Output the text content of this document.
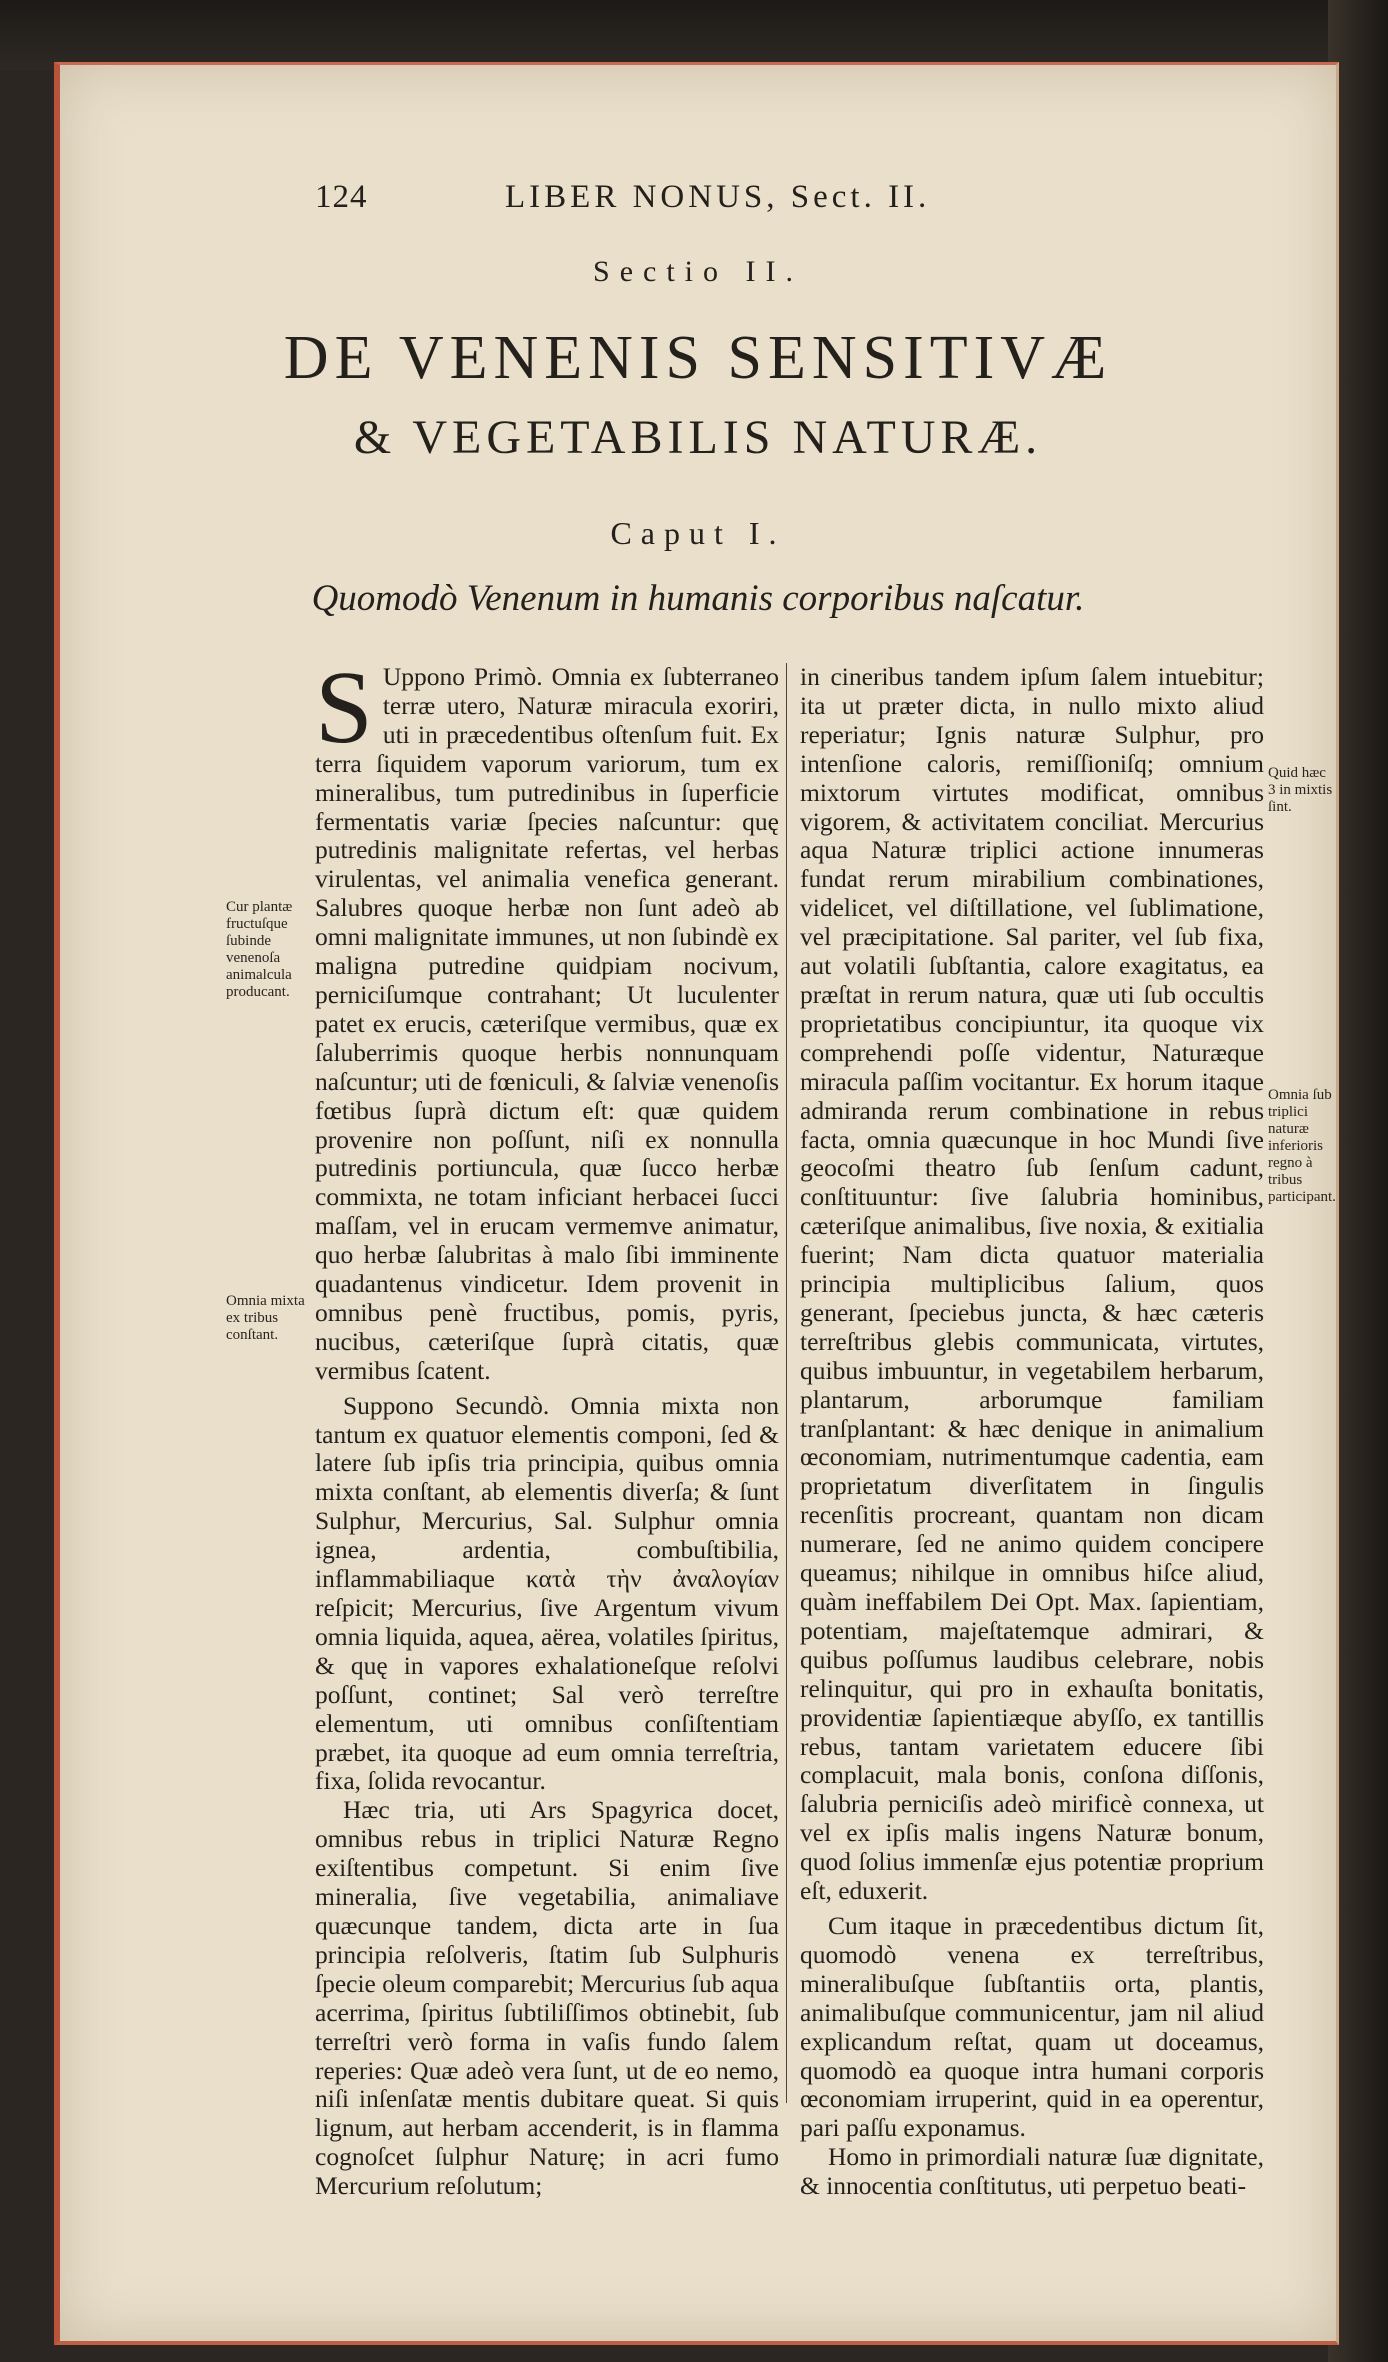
124	LIBER NONUS, Sect. II.
Sectio II.
DE VENENIS SENSITIVÆ
& VEGETABILIS NATURÆ.
Caput I.
Quomodò Venenum in humanis corporibus naſcatur.

S Uppono Primò. Omnia ex ſubterraneo terræ utero, Naturæ miracula exoriri, uti in præcedentibus oſtenſum fuit. Ex terra ſiquidem vaporum variorum, tum ex mineralibus, tum putredinibus in ſuperficie fermentatis variæ ſpecies naſcuntur: quę putredinis malignitate refertas, vel herbas virulentas, vel animalia venefica generant. Salubres quoque herbæ non ſunt adeò ab omni malignitate immunes, ut non ſubindè ex maligna putredine quidpiam nocivum, perniciſumque contrahant; Ut luculenter patet ex erucis, cæteriſque vermibus, quæ ex ſaluberrimis quoque herbis nonnunquam naſcuntur; uti de fœniculi, & ſalviæ venenoſis fœtibus ſuprà dictum eſt: quæ quidem provenire non poſſunt, niſi ex nonnulla putredinis portiuncula, quæ ſucco herbæ commixta, ne totam inficiant herbacei ſucci maſſam, vel in erucam vermemve animatur, quo herbæ ſalubritas à malo ſibi imminente quadantenus vindicetur. Idem provenit in omnibus penè fructibus, pomis, pyris, nucibus, cæteriſque ſuprà citatis, quæ vermibus ſcatent.

Suppono Secundò. Omnia mixta non tantum ex quatuor elementis componi, ſed & latere ſub ipſis tria principia, quibus omnia mixta conſtant, ab elementis diverſa; & ſunt Sulphur, Mercurius, Sal. Sulphur omnia ignea, ardentia, combuſtibilia, inflammabiliaque κατὰ τὴν ἀναλογίαν reſpicit; Mercurius, ſive Argentum vivum omnia liquida, aquea, aërea, volatiles ſpiritus, & quę in vapores exhalationeſque reſolvi poſſunt, continet; Sal verò terreſtre elementum, uti omnibus conſiſtentiam præbet, ita quoque ad eum omnia terreſtria, fixa, ſolida revocantur.

Hæc tria, uti Ars Spagyrica docet, omnibus rebus in triplici Naturæ Regno exiſtentibus competunt. Si enim ſive mineralia, ſive vegetabilia, animaliave quæcunque tandem, dicta arte in ſua principia reſolveris, ſtatim ſub Sulphuris ſpecie oleum comparebit; Mercurius ſub aqua acerrima, ſpiritus ſubtiliſſimos obtinebit, ſub terreſtri verò forma in vaſis fundo ſalem reperies: Quæ adeò vera ſunt, ut de eo nemo, niſi inſenſatæ mentis dubitare queat. Si quis lignum, aut herbam accenderit, is in flamma cognoſcet ſulphur Naturę; in acri fumo Mercurium reſolutum;

in cineribus tandem ipſum ſalem intuebitur; ita ut præter dicta, in nullo mixto aliud reperiatur; Ignis naturæ Sulphur, pro intenſione caloris, remiſſioniſq; omnium mixtorum virtutes modificat, omnibus vigorem, & activitatem conciliat. Mercurius aqua Naturæ triplici actione innumeras fundat rerum mirabilium combinationes, videlicet, vel diſtillatione, vel ſublimatione, vel præcipitatione. Sal pariter, vel ſub fixa, aut volatili ſubſtantia, calore exagitatus, ea præſtat in rerum natura, quæ uti ſub occultis proprietatibus concipiuntur, ita quoque vix comprehendi poſſe videntur, Naturæque miracula paſſim vocitantur. Ex horum itaque admiranda rerum combinatione in rebus facta, omnia quæcunque in hoc Mundi ſive geocoſmi theatro ſub ſenſum cadunt, conſtituuntur: ſive ſalubria hominibus, cæteriſque animalibus, ſive noxia, & exitialia fuerint; Nam dicta quatuor materialia principia multiplicibus ſalium, quos generant, ſpeciebus juncta, & hæc cæteris terreſtribus glebis communicata, virtutes, quibus imbuuntur, in vegetabilem herbarum, plantarum, arborumque familiam tranſplantant: & hæc denique in animalium œconomiam, nutrimentumque cadentia, eam proprietatum diverſitatem in ſingulis recenſitis procreant, quantam non dicam numerare, ſed ne animo quidem concipere queamus; nihilque in omnibus hiſce aliud, quàm ineffabilem Dei Opt. Max. ſapientiam, potentiam, majeſtatemque admirari, & quibus poſſumus laudibus celebrare, nobis relinquitur, qui pro in exhauſta bonitatis, providentiæ ſapientiæque abyſſo, ex tantillis rebus, tantam varietatem educere ſibi complacuit, mala bonis, conſona diſſonis, ſalubria perniciſis adeò mirificè connexa, ut vel ex ipſis malis ingens Naturæ bonum, quod ſolius immenſæ ejus potentiæ proprium eſt, eduxerit.

Cum itaque in præcedentibus dictum ſit, quomodò venena ex terreſtribus, mineralibuſque ſubſtantiis orta, plantis, animalibuſque communicentur, jam nil aliud explicandum reſtat, quam ut doceamus, quomodò ea quoque intra humani corporis œconomiam irruperint, quid in ea operentur, pari paſſu exponamus.

Homo in primordiali naturæ ſuæ dignitate, & innocentia conſtitutus, uti perpetuo beati-

Cur plantæ fructuſque ſubinde venenoſa animalcula producant.
Omnia mixta ex tribus conſtant.
Quid hæc 3 in mixtis ſint.
Omnia ſub triplici naturæ inferioris regno à tribus participant.
